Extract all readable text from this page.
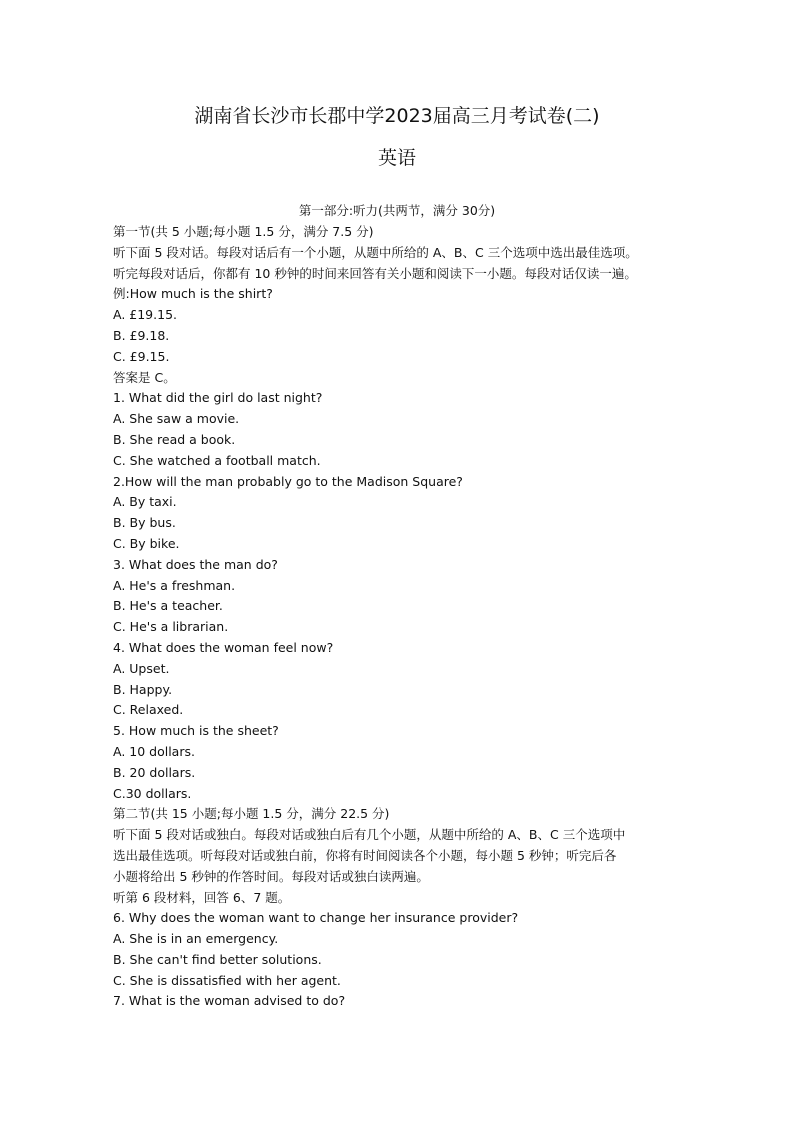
湖南省长沙市长郡中学2023届高三月考试卷(二)
英语
第一部分:听力(共两节，满分 30分)
第一节(共 5 小题;每小题 1.5 分，满分 7.5 分)
听下面 5 段对话。每段对话后有一个小题，从题中所给的 A、B、C 三个选项中选出最佳选项。
听完每段对话后，你都有 10 秒钟的时间来回答有关小题和阅读下一小题。每段对话仅读一遍。
例:How much is the shirt?
A. £19.15.
B. £9.18.
C. £9.15.
答案是 C。
1. What did the girl do last night?
A. She saw a movie.
B. She read a book.
C. She watched a football match.
2.How will the man probably go to the Madison Square?
A. By taxi.
B. By bus.
C. By bike.
3. What does the man do?
A. He's a freshman.
B. He's a teacher.
C. He's a librarian.
4. What does the woman feel now?
A. Upset.
B. Happy.
C. Relaxed.
5. How much is the sheet?
A. 10 dollars.
B. 20 dollars.
C.30 dollars.
第二节(共 15 小题;每小题 1.5 分，满分 22.5 分)
听下面 5 段对话或独白。每段对话或独白后有几个小题，从题中所给的 A、B、C 三个选项中
选出最佳选项。听每段对话或独白前，你将有时间阅读各个小题，每小题 5 秒钟；听完后各
小题将给出 5 秒钟的作答时间。每段对话或独白读两遍。
听第 6 段材料，回答 6、7 题。
6. Why does the woman want to change her insurance provider?
A. She is in an emergency.
B. She can't find better solutions.
C. She is dissatisfied with her agent.
7. What is the woman advised to do?
